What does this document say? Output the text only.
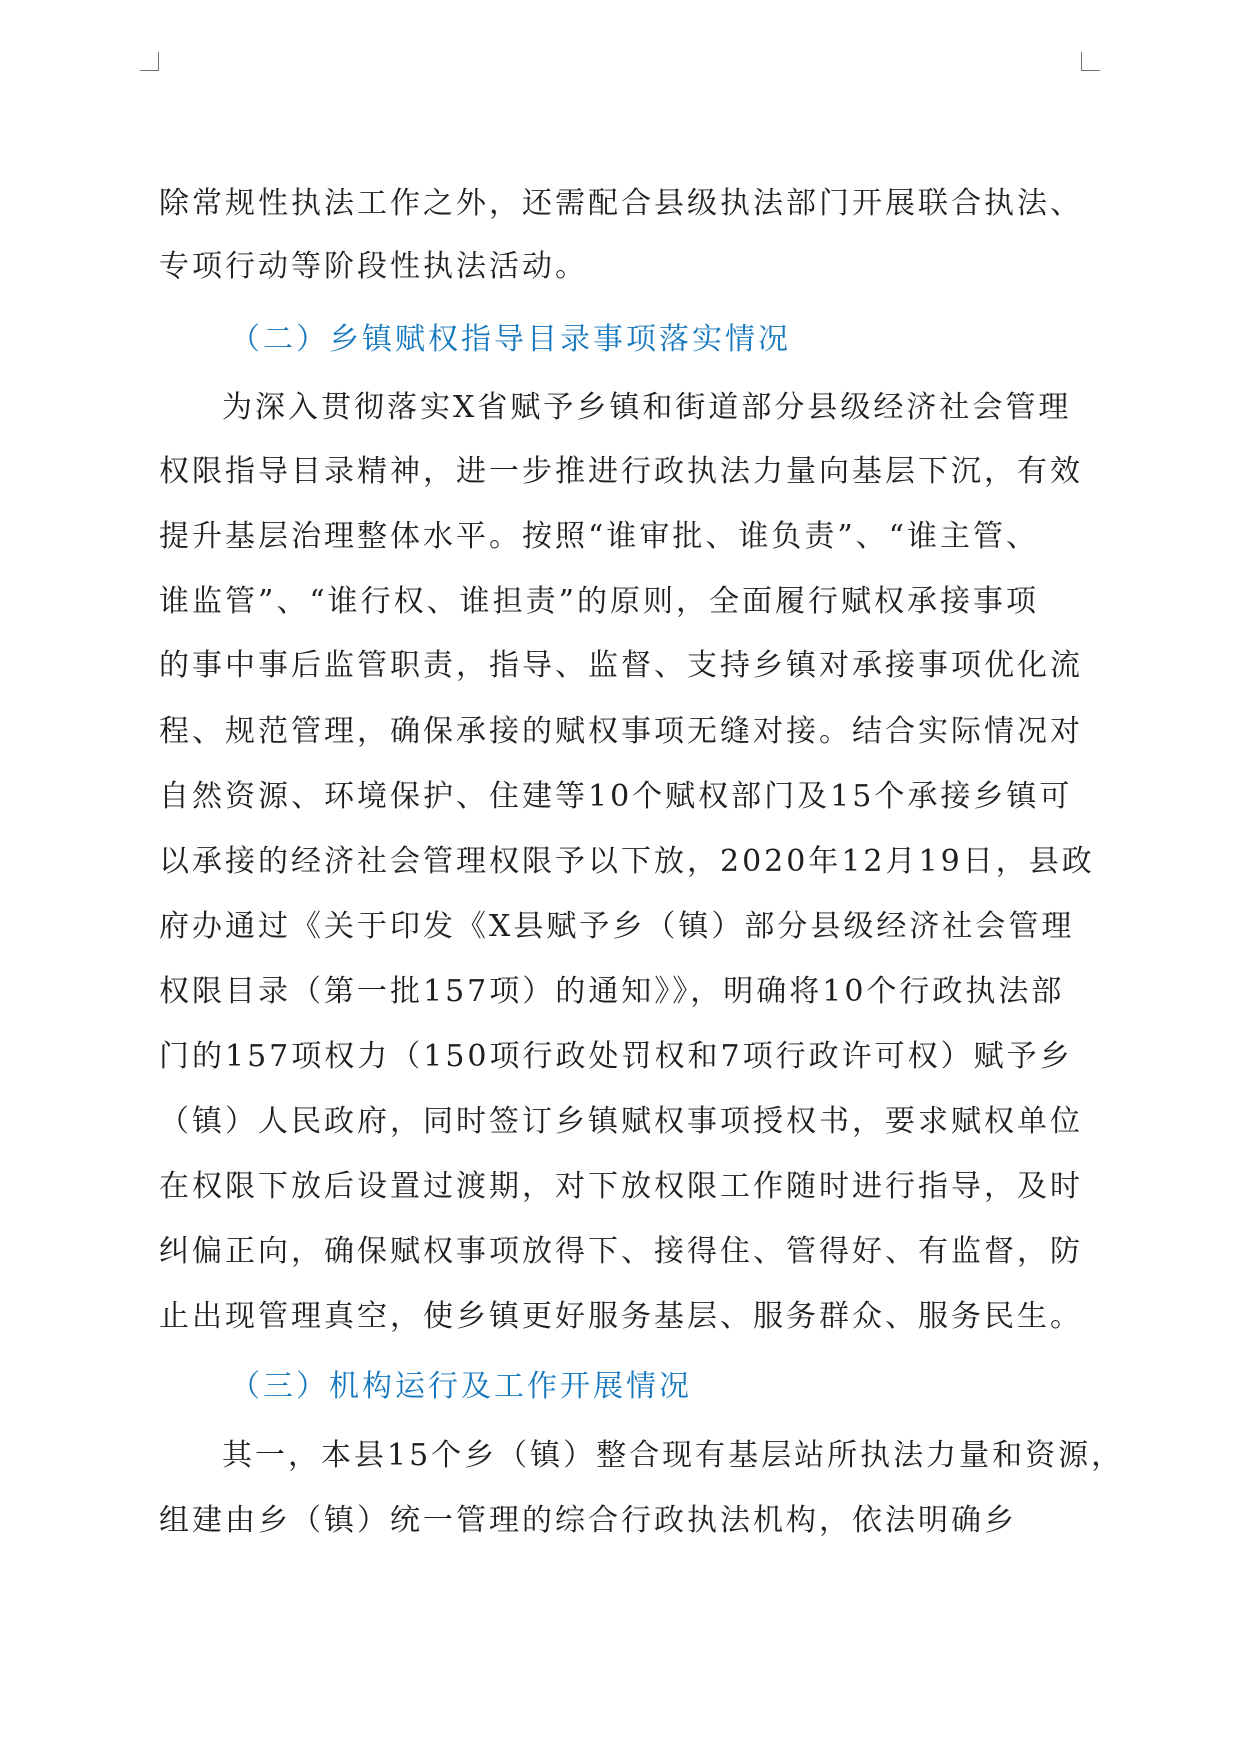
除常规性执法工作之外，还需配合县级执法部门开展联合执法、
专项行动等阶段性执法活动。
（二）乡镇赋权指导目录事项落实情况
为深入贯彻落实X省赋予乡镇和街道部分县级经济社会管理
权限指导目录精神，进一步推进行政执法力量向基层下沉，有效
提升基层治理整体水平。按照“谁审批、谁负责”、“谁主管、
谁监管”、“谁行权、谁担责”的原则，全面履行赋权承接事项
的事中事后监管职责，指导、监督、支持乡镇对承接事项优化流
程、规范管理，确保承接的赋权事项无缝对接。结合实际情况对
自然资源、环境保护、住建等10个赋权部门及15个承接乡镇可
以承接的经济社会管理权限予以下放，2020年12月19日，县政
府办通过《关于印发《X县赋予乡（镇）部分县级经济社会管理
权限目录（第一批157项）的通知》》，明确将10个行政执法部
门的157项权力（150项行政处罚权和7项行政许可权）赋予乡
（镇）人民政府，同时签订乡镇赋权事项授权书，要求赋权单位
在权限下放后设置过渡期，对下放权限工作随时进行指导，及时
纠偏正向，确保赋权事项放得下、接得住、管得好、有监督，防
止出现管理真空，使乡镇更好服务基层、服务群众、服务民生。
（三）机构运行及工作开展情况
其一，本县15个乡（镇）整合现有基层站所执法力量和资源，
组建由乡（镇）统一管理的综合行政执法机构，依法明确乡
